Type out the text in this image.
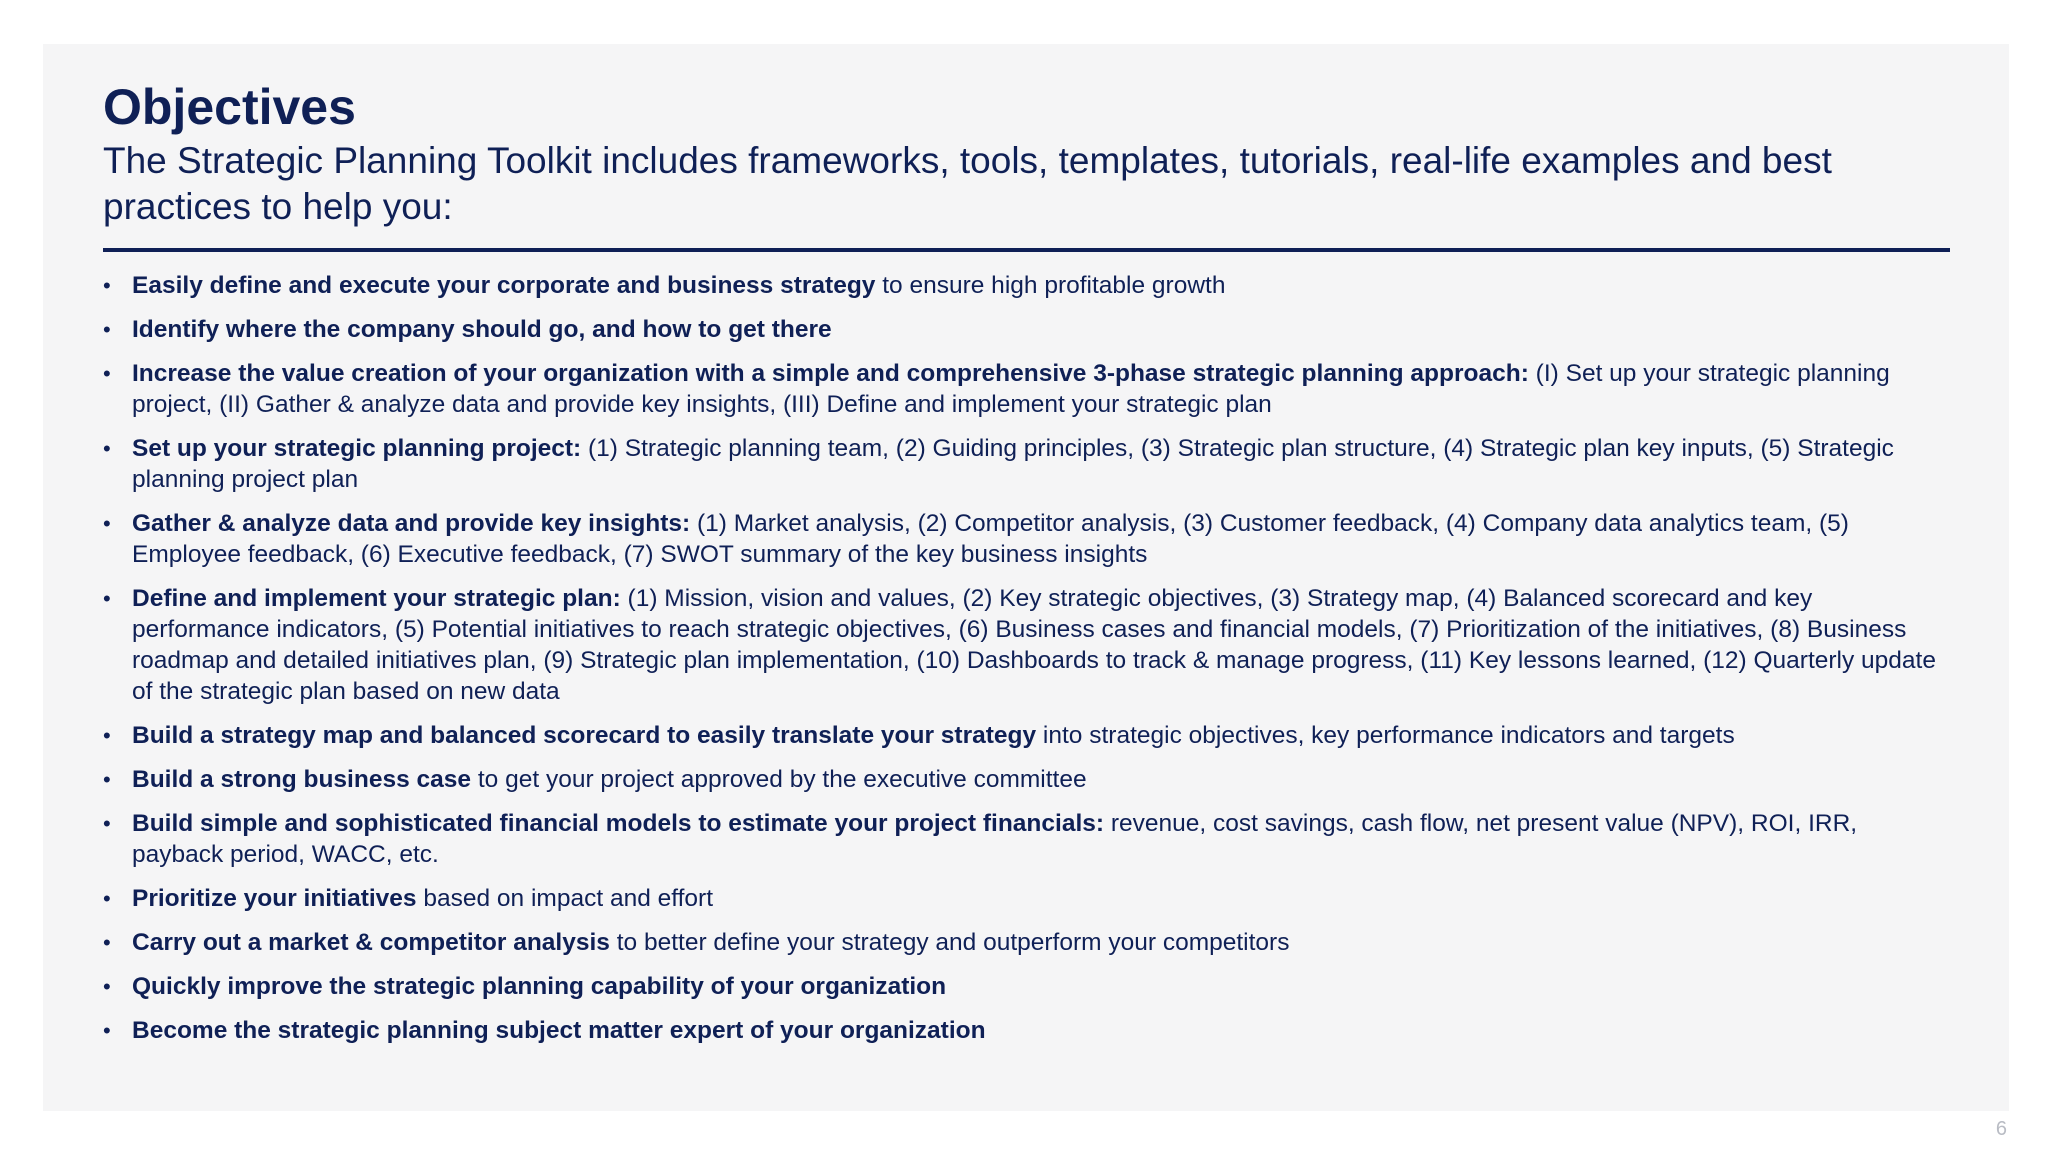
Objectives

The Strategic Planning Toolkit includes frameworks, tools, templates, tutorials, real-life examples and best practices to help you:

• Easily define and execute your corporate and business strategy to ensure high profitable growth
• Identify where the company should go, and how to get there
• Increase the value creation of your organization with a simple and comprehensive 3-phase strategic planning approach: (I) Set up your strategic planning project, (II) Gather & analyze data and provide key insights, (III) Define and implement your strategic plan
• Set up your strategic planning project: (1) Strategic planning team, (2) Guiding principles, (3) Strategic plan structure, (4) Strategic plan key inputs, (5) Strategic planning project plan
• Gather & analyze data and provide key insights: (1) Market analysis, (2) Competitor analysis, (3) Customer feedback, (4) Company data analytics team, (5) Employee feedback, (6) Executive feedback, (7) SWOT summary of the key business insights
• Define and implement your strategic plan: (1) Mission, vision and values, (2) Key strategic objectives, (3) Strategy map, (4) Balanced scorecard and key performance indicators, (5) Potential initiatives to reach strategic objectives, (6) Business cases and financial models, (7) Prioritization of the initiatives, (8) Business roadmap and detailed initiatives plan, (9) Strategic plan implementation, (10) Dashboards to track & manage progress, (11) Key lessons learned, (12) Quarterly update of the strategic plan based on new data
• Build a strategy map and balanced scorecard to easily translate your strategy into strategic objectives, key performance indicators and targets
• Build a strong business case to get your project approved by the executive committee
• Build simple and sophisticated financial models to estimate your project financials: revenue, cost savings, cash flow, net present value (NPV), ROI, IRR, payback period, WACC, etc.
• Prioritize your initiatives based on impact and effort
• Carry out a market & competitor analysis to better define your strategy and outperform your competitors
• Quickly improve the strategic planning capability of your organization
• Become the strategic planning subject matter expert of your organization
6
